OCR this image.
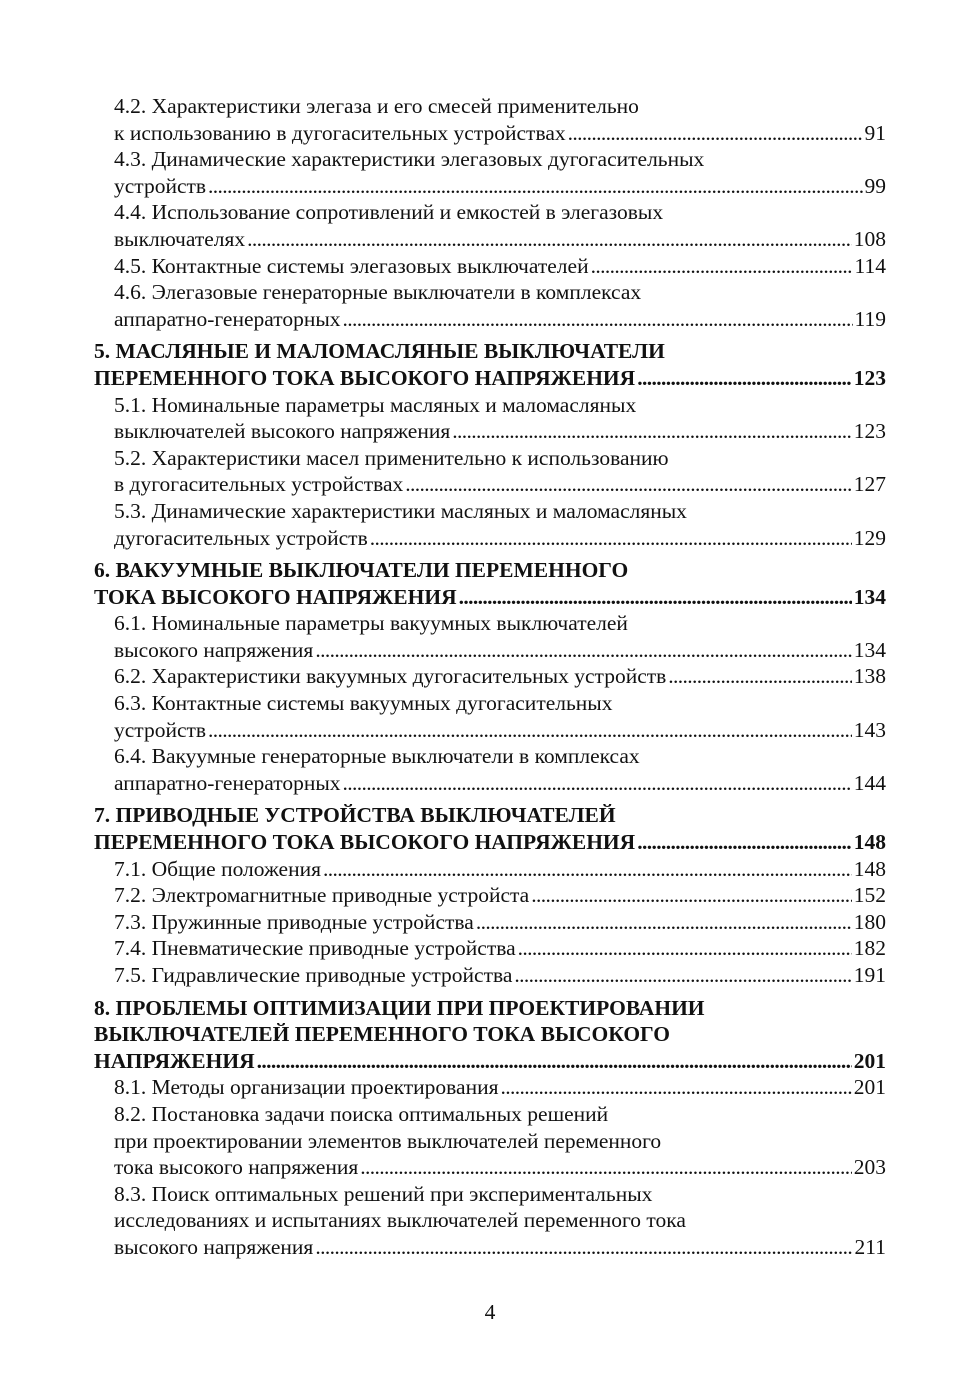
4.2. Характеристики элегаза и его смесей применительно
к использованию в дугогасительных устройствах . . .	91
4.3. Динамические характеристики элегазовых дугогасительных
устройств . . .	99
4.4. Использование сопротивлений и емкостей в элегазовых
выключателях . . .	108
4.5. Контактные системы элегазовых выключателей . . .	114
4.6. Элегазовые генераторные выключатели в комплексах
аппаратно-генераторных . . .	119
5. МАСЛЯНЫЕ И МАЛОМАСЛЯНЫЕ ВЫКЛЮЧАТЕЛИ
ПЕРЕМЕННОГО ТОКА ВЫСОКОГО НАПРЯЖЕНИЯ . . .	123
5.1. Номинальные параметры масляных и маломасляных
выключателей высокого напряжения . . .	123
5.2. Характеристики масел применительно к использованию
в дугогасительных устройствах . . .	127
5.3. Динамические характеристики масляных и маломасляных
дугогасительных устройств . . .	129
6. ВАКУУМНЫЕ ВЫКЛЮЧАТЕЛИ ПЕРЕМЕННОГО
ТОКА ВЫСОКОГО НАПРЯЖЕНИЯ . . .	134
6.1. Номинальные параметры вакуумных выключателей
высокого напряжения . . .	134
6.2. Характеристики вакуумных дугогасительных устройств . . .	138
6.3. Контактные системы вакуумных дугогасительных
устройств . . .	143
6.4. Вакуумные генераторные выключатели в комплексах
аппаратно-генераторных . . .	144
7. ПРИВОДНЫЕ УСТРОЙСТВА ВЫКЛЮЧАТЕЛЕЙ
ПЕРЕМЕННОГО ТОКА ВЫСОКОГО НАПРЯЖЕНИЯ . . .	148
7.1. Общие положения . . .	148
7.2. Электромагнитные приводные устройста . . .	152
7.3. Пружинные приводные устройства . . .	180
7.4. Пневматические приводные устройства . . .	182
7.5. Гидравлические приводные устройства . . .	191
8. ПРОБЛЕМЫ ОПТИМИЗАЦИИ ПРИ ПРОЕКТИРОВАНИИ
ВЫКЛЮЧАТЕЛЕЙ ПЕРЕМЕННОГО ТОКА ВЫСОКОГО
НАПРЯЖЕНИЯ . . .	201
8.1. Методы организации проектирования . . .	201
8.2. Постановка задачи поиска оптимальных решений
при проектировании элементов выключателей переменного
тока высокого напряжения . . .	203
8.3. Поиск оптимальных решений при экспериментальных
исследованиях и испытаниях выключателей переменного тока
высокого напряжения . . .	211
4
